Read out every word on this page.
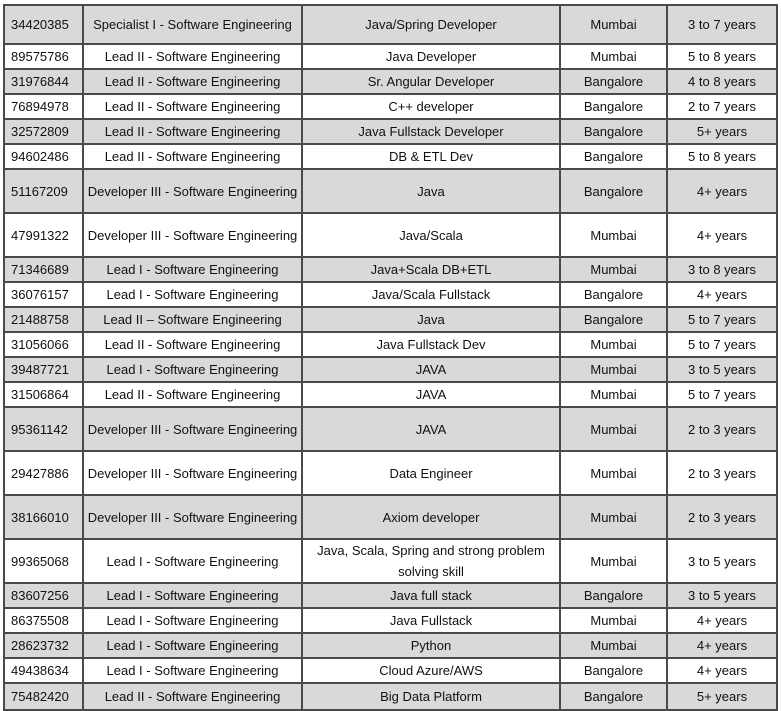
34420385	Specialist I - Software Engineering	Java/Spring Developer	Mumbai	3 to 7 years
89575786	Lead II - Software Engineering	Java Developer	Mumbai	5 to 8 years
31976844	Lead II - Software Engineering	Sr. Angular Developer	Bangalore	4 to 8 years
76894978	Lead II - Software Engineering	C++ developer	Bangalore	2 to 7 years
32572809	Lead II - Software Engineering	Java Fullstack Developer	Bangalore	5+ years
94602486	Lead II - Software Engineering	DB & ETL Dev	Bangalore	5 to 8 years
51167209	Developer III - Software Engineering	Java	Bangalore	4+ years
47991322	Developer III - Software Engineering	Java/Scala	Mumbai	4+ years
71346689	Lead I - Software Engineering	Java+Scala DB+ETL	Mumbai	3 to 8 years
36076157	Lead I - Software Engineering	Java/Scala Fullstack	Bangalore	4+ years
21488758	Lead II – Software Engineering	Java	Bangalore	5 to 7 years
31056066	Lead II - Software Engineering	Java Fullstack Dev	Mumbai	5 to 7 years
39487721	Lead I - Software Engineering	JAVA	Mumbai	3 to 5 years
31506864	Lead II - Software Engineering	JAVA	Mumbai	5 to 7 years
95361142	Developer III - Software Engineering	JAVA	Mumbai	2 to 3 years
29427886	Developer III - Software Engineering	Data Engineer	Mumbai	2 to 3 years
38166010	Developer III - Software Engineering	Axiom developer	Mumbai	2 to 3 years
99365068	Lead I - Software Engineering	Java, Scala, Spring and strong problem solving skill	Mumbai	3 to 5 years
83607256	Lead I - Software Engineering	Java full stack	Bangalore	3 to 5 years
86375508	Lead I - Software Engineering	Java Fullstack	Mumbai	4+ years
28623732	Lead I - Software Engineering	Python	Mumbai	4+ years
49438634	Lead I - Software Engineering	Cloud Azure/AWS	Bangalore	4+ years
75482420	Lead II - Software Engineering	Big Data Platform	Bangalore	5+ years
